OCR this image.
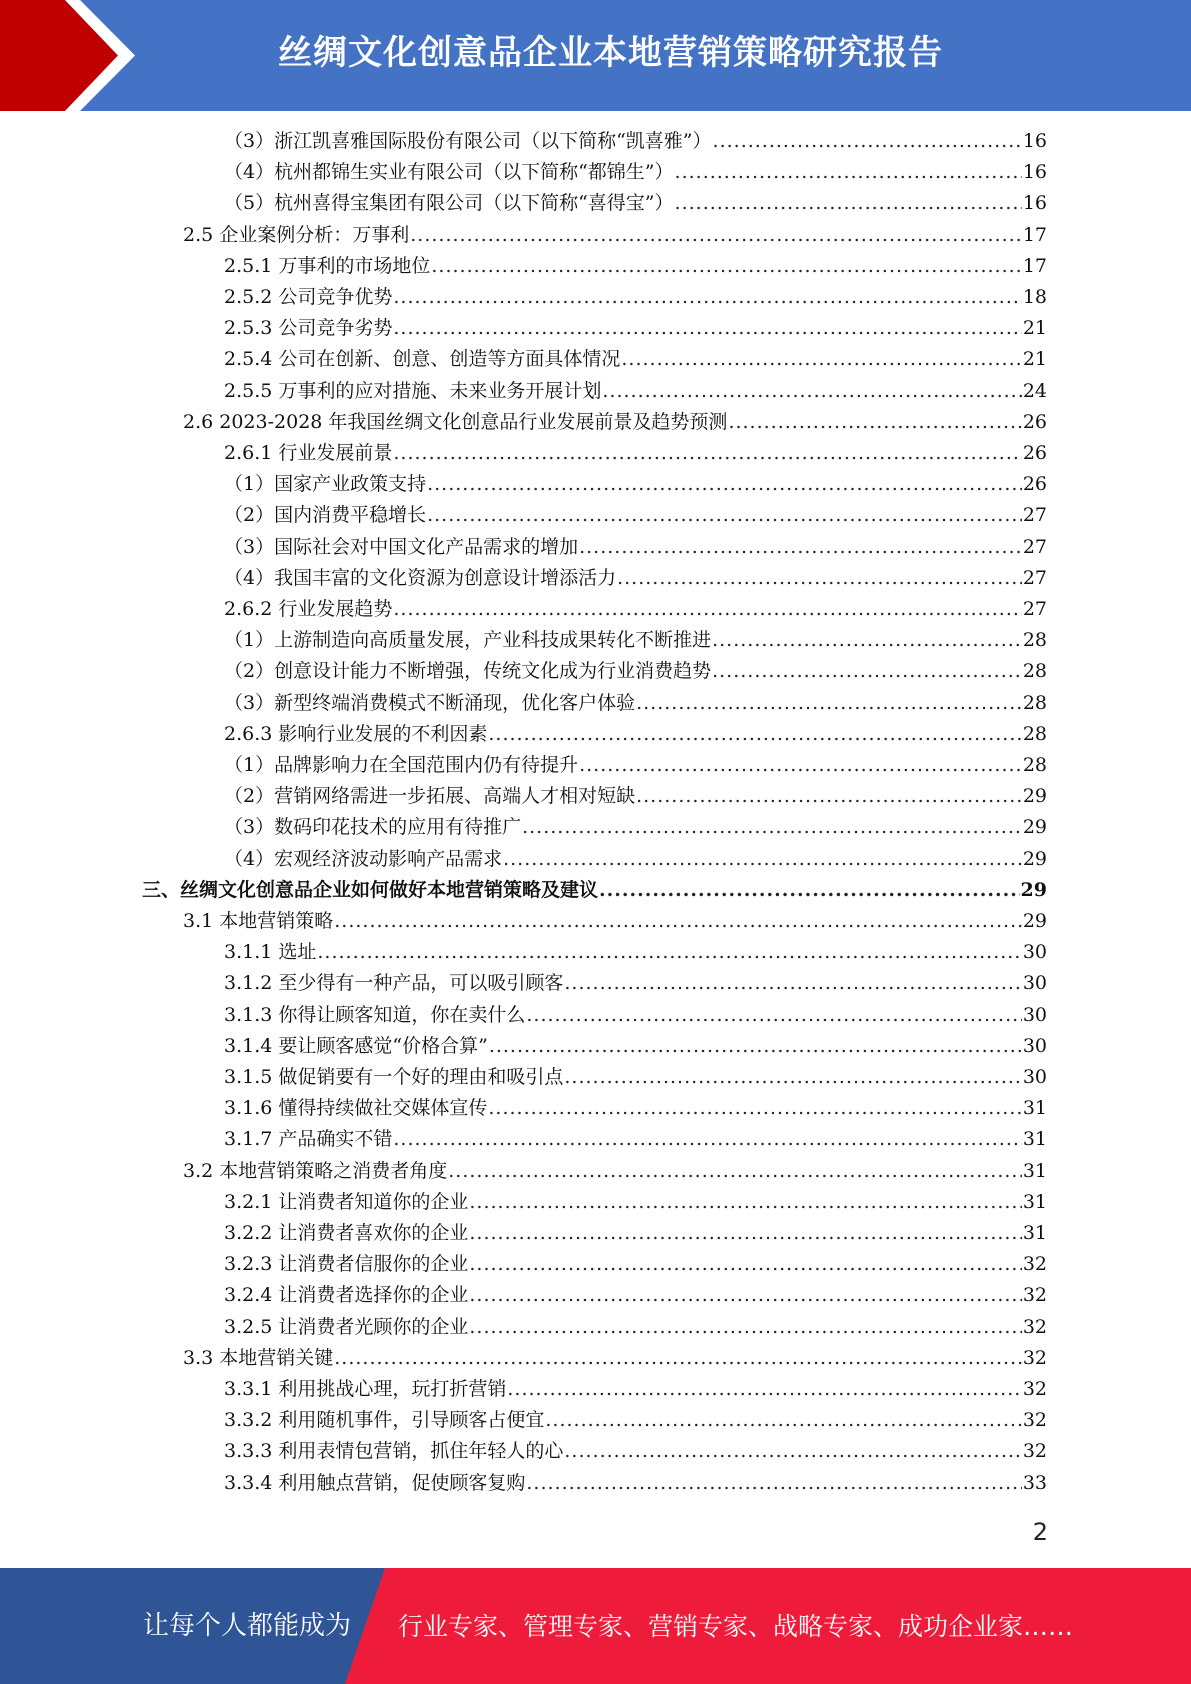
丝绸文化创意品企业本地营销策略研究报告
（3）浙江凯喜雅国际股份有限公司（以下简称“凯喜雅”） .....	16
（4）杭州都锦生实业有限公司（以下简称“都锦生”） .....	16
（5）杭州喜得宝集团有限公司（以下简称“喜得宝”） .....	16
2.5 企业案例分析：万事利 .....	17
2.5.1 万事利的市场地位 .....	17
2.5.2 公司竞争优势 .....	18
2.5.3 公司竞争劣势 .....	21
2.5.4 公司在创新、创意、创造等方面具体情况 .....	21
2.5.5 万事利的应对措施、未来业务开展计划 .....	24
2.6 2023-2028 年我国丝绸文化创意品行业发展前景及趋势预测 .....	26
2.6.1 行业发展前景 .....	26
（1）国家产业政策支持 .....	26
（2）国内消费平稳增长 .....	27
（3）国际社会对中国文化产品需求的增加 .....	27
（4）我国丰富的文化资源为创意设计增添活力 .....	27
2.6.2 行业发展趋势 .....	27
（1）上游制造向高质量发展，产业科技成果转化不断推进 .....	28
（2）创意设计能力不断增强，传统文化成为行业消费趋势 .....	28
（3）新型终端消费模式不断涌现，优化客户体验 .....	28
2.6.3 影响行业发展的不利因素 .....	28
（1）品牌影响力在全国范围内仍有待提升 .....	28
（2）营销网络需进一步拓展、高端人才相对短缺 .....	29
（3）数码印花技术的应用有待推广 .....	29
（4）宏观经济波动影响产品需求 .....	29
三、丝绸文化创意品企业如何做好本地营销策略及建议 .....	29
3.1 本地营销策略 .....	29
3.1.1 选址 .....	30
3.1.2 至少得有一种产品，可以吸引顾客 .....	30
3.1.3 你得让顾客知道，你在卖什么 .....	30
3.1.4 要让顾客感觉“价格合算” .....	30
3.1.5 做促销要有一个好的理由和吸引点 .....	30
3.1.6 懂得持续做社交媒体宣传 .....	31
3.1.7 产品确实不错 .....	31
3.2 本地营销策略之消费者角度 .....	31
3.2.1 让消费者知道你的企业 .....	31
3.2.2 让消费者喜欢你的企业 .....	31
3.2.3 让消费者信服你的企业 .....	32
3.2.4 让消费者选择你的企业 .....	32
3.2.5 让消费者光顾你的企业 .....	32
3.3 本地营销关键 .....	32
3.3.1 利用挑战心理，玩打折营销 .....	32
3.3.2 利用随机事件，引导顾客占便宜 .....	32
3.3.3 利用表情包营销，抓住年轻人的心 .....	32
3.3.4 利用触点营销，促使顾客复购 .....	33
2
让每个人都能成为 行业专家、管理专家、营销专家、战略专家、成功企业家……
